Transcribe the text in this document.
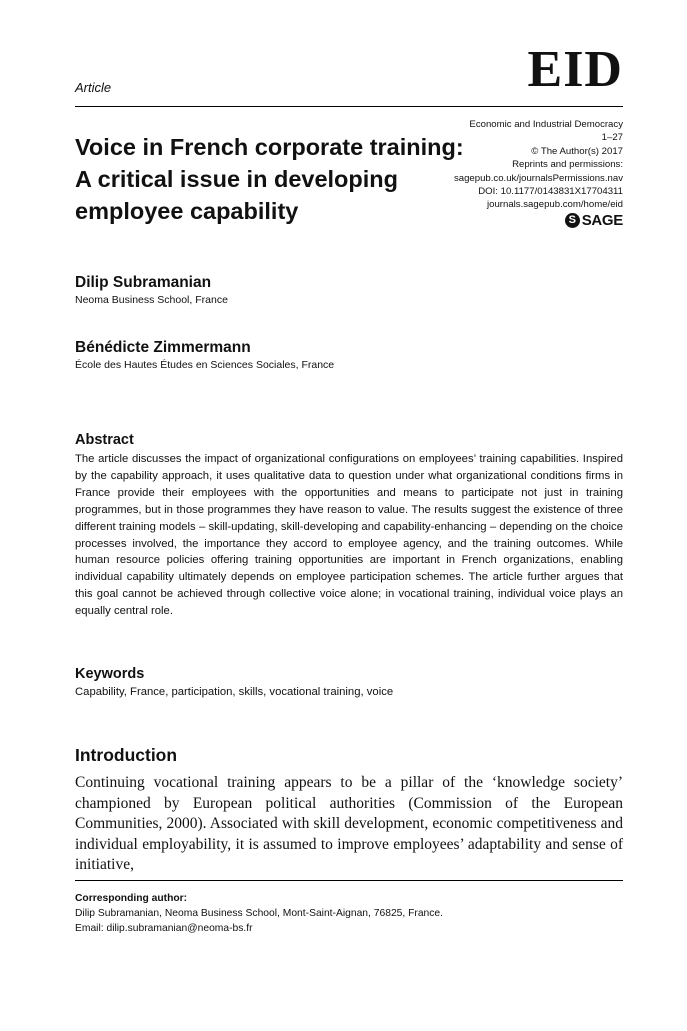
Article	EID
Voice in French corporate training: A critical issue in developing employee capability
Economic and Industrial Democracy
1–27
© The Author(s) 2017
Reprints and permissions:
sagepub.co.uk/journalsPermissions.nav
DOI: 10.1177/0143831X17704311
journals.sagepub.com/home/eid
S SAGE
Dilip Subramanian
Neoma Business School, France
Bénédicte Zimmermann
École des Hautes Études en Sciences Sociales, France
Abstract
The article discusses the impact of organizational configurations on employees’ training capabilities. Inspired by the capability approach, it uses qualitative data to question under what organizational conditions firms in France provide their employees with the opportunities and means to participate not just in training programmes, but in those programmes they have reason to value. The results suggest the existence of three different training models – skill-updating, skill-developing and capability-enhancing – depending on the choice processes involved, the importance they accord to employee agency, and the training outcomes. While human resource policies offering training opportunities are important in French organizations, enabling individual capability ultimately depends on employee participation schemes. The article further argues that this goal cannot be achieved through collective voice alone; in vocational training, individual voice plays an equally central role.
Keywords
Capability, France, participation, skills, vocational training, voice
Introduction
Continuing vocational training appears to be a pillar of the ‘knowledge society’ championed by European political authorities (Commission of the European Communities, 2000). Associated with skill development, economic competitiveness and individual employability, it is assumed to improve employees’ adaptability and sense of initiative,
Corresponding author:
Dilip Subramanian, Neoma Business School, Mont-Saint-Aignan, 76825, France.
Email: dilip.subramanian@neoma-bs.fr
